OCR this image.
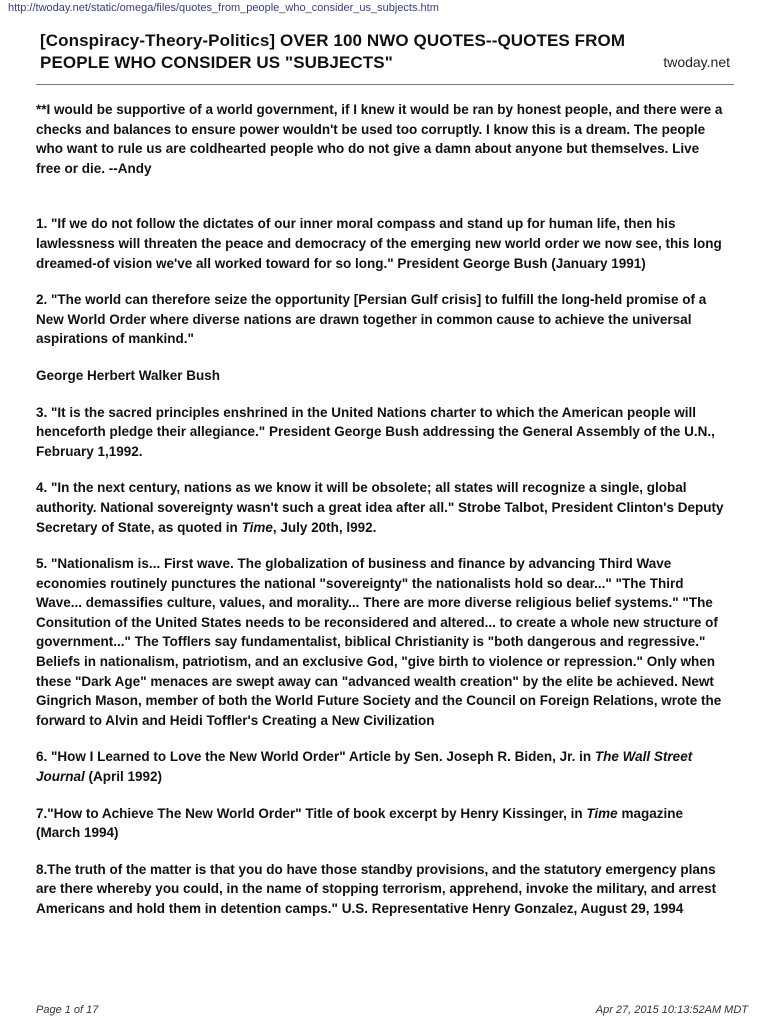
http://twoday.net/static/omega/files/quotes_from_people_who_consider_us_subjects.htm
[Conspiracy-Theory-Politics] OVER 100 NWO QUOTES--QUOTES FROM PEOPLE WHO CONSIDER US "SUBJECTS"	twoday.net

**I would be supportive of a world government, if I knew it would be ran by honest people, and there were a checks and balances to ensure power wouldn't be used too corruptly. I know this is a dream. The people who want to rule us are coldhearted people who do not give a damn about anyone but themselves. Live free or die. --Andy

1. "If we do not follow the dictates of our inner moral compass and stand up for human life, then his lawlessness will threaten the peace and democracy of the emerging new world order we now see, this long dreamed-of vision we've all worked toward for so long." President George Bush (January 1991)

2. "The world can therefore seize the opportunity [Persian Gulf crisis] to fulfill the long-held promise of a New World Order where diverse nations are drawn together in common cause to achieve the universal aspirations of mankind."

George Herbert Walker Bush

3. "It is the sacred principles enshrined in the United Nations charter to which the American people will henceforth pledge their allegiance." President George Bush addressing the General Assembly of the U.N., February 1,1992.

4. "In the next century, nations as we know it will be obsolete; all states will recognize a single, global authority. National sovereignty wasn't such a great idea after all." Strobe Talbot, President Clinton's Deputy Secretary of State, as quoted in Time, July 20th, l992.

5. "Nationalism is... First wave. The globalization of business and finance by advancing Third Wave economies routinely punctures the national "sovereignty" the nationalists hold so dear..." "The Third Wave... demassifies culture, values, and morality... There are more diverse religious belief systems." "The Consitution of the United States needs to be reconsidered and altered... to create a whole new structure of government..." The Tofflers say fundamentalist, biblical Christianity is "both dangerous and regressive." Beliefs in nationalism, patriotism, and an exclusive God, "give birth to violence or repression." Only when these "Dark Age" menaces are swept away can "advanced wealth creation" by the elite be achieved. Newt Gingrich Mason, member of both the World Future Society and the Council on Foreign Relations, wrote the forward to Alvin and Heidi Toffler's Creating a New Civilization

6. "How I Learned to Love the New World Order" Article by Sen. Joseph R. Biden, Jr. in The Wall Street Journal (April 1992)

7."How to Achieve The New World Order" Title of book excerpt by Henry Kissinger, in Time magazine (March 1994)

8.The truth of the matter is that you do have those standby provisions, and the statutory emergency plans are there whereby you could, in the name of stopping terrorism, apprehend, invoke the military, and arrest Americans and hold them in detention camps." U.S. Representative Henry Gonzalez, August 29, 1994

Page 1 of 17	Apr 27, 2015 10:13:52AM MDT
